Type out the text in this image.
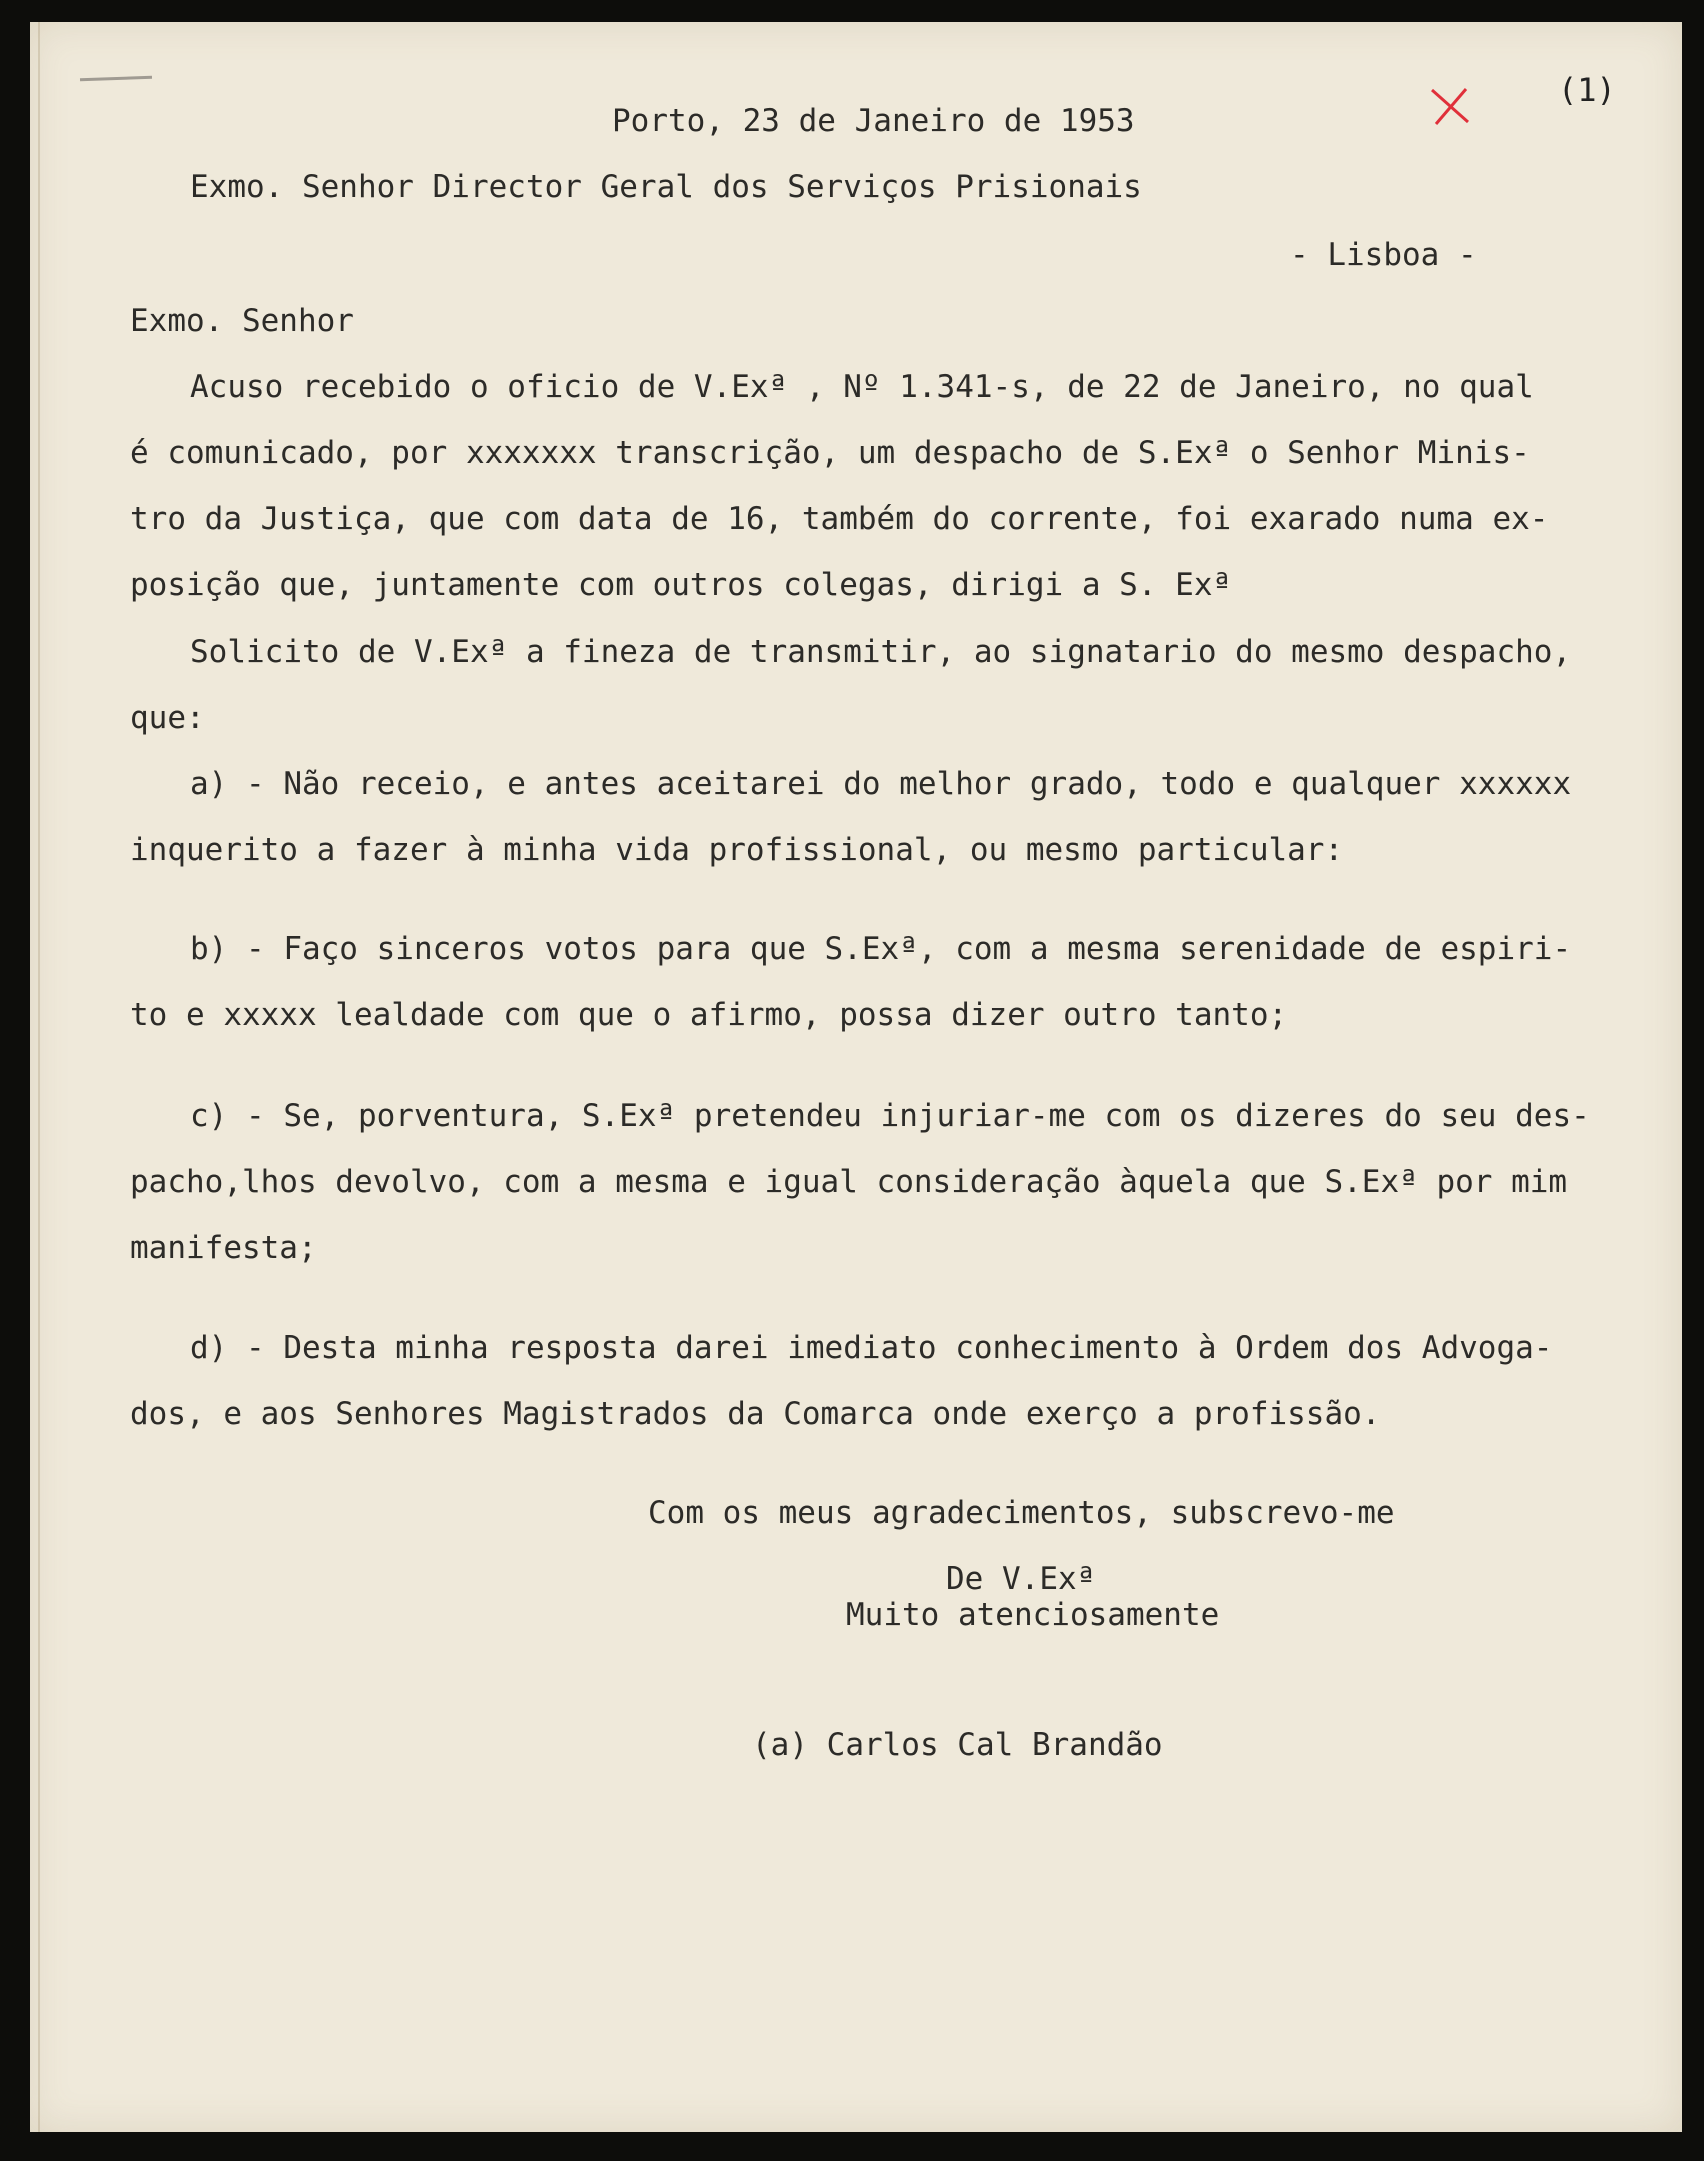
(1)
Porto, 23 de Janeiro de 1953
Exmo. Senhor Director Geral dos Serviços Prisionais
- Lisboa -
Exmo. Senhor
Acuso recebido o oficio de V.Exª , Nº 1.341-s, de 22 de Janeiro, no qual
é comunicado, por xxxxxxx transcrição, um despacho de S.Exª o Senhor Minis-
tro da Justiça, que com data de 16, também do corrente, foi exarado numa ex-
posição que, juntamente com outros colegas, dirigi a S. Exª
Solicito de V.Exª a fineza de transmitir, ao signatario do mesmo despacho,
que:
a) - Não receio, e antes aceitarei do melhor grado, todo e qualquer xxxxxx
inquerito a fazer à minha vida profissional, ou mesmo particular:
b) - Faço sinceros votos para que S.Exª, com a mesma serenidade de espiri-
to e xxxxx lealdade com que o afirmo, possa dizer outro tanto;
c) - Se, porventura, S.Exª pretendeu injuriar-me com os dizeres do seu des-
pacho,lhos devolvo, com a mesma e igual consideração àquela que S.Exª por mim
manifesta;
d) - Desta minha resposta darei imediato conhecimento à Ordem dos Advoga-
dos, e aos Senhores Magistrados da Comarca onde exerço a profissão.
Com os meus agradecimentos, subscrevo-me
De V.Exª
Muito atenciosamente
(a) Carlos Cal Brandão
